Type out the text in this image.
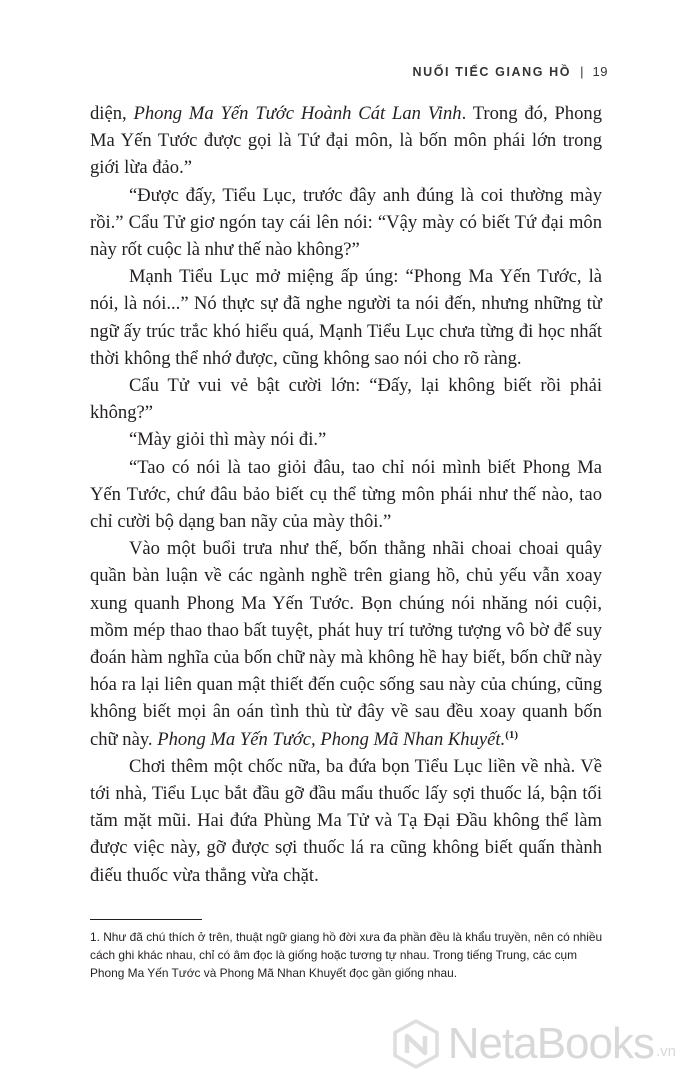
NUỐI TIẾC GIANG HỒ | 19

diện, Phong Ma Yến Tước Hoành Cát Lan Vinh. Trong đó, Phong Ma Yến Tước được gọi là Tứ đại môn, là bốn môn phái lớn trong giới lừa đảo.”

“Được đấy, Tiểu Lục, trước đây anh đúng là coi thường mày rồi.” Cẩu Tử giơ ngón tay cái lên nói: “Vậy mày có biết Tứ đại môn này rốt cuộc là như thế nào không?”

Mạnh Tiểu Lục mở miệng ấp úng: “Phong Ma Yến Tước, là nói, là nói...” Nó thực sự đã nghe người ta nói đến, nhưng những từ ngữ ấy trúc trắc khó hiểu quá, Mạnh Tiểu Lục chưa từng đi học nhất thời không thể nhớ được, cũng không sao nói cho rõ ràng.

Cẩu Tử vui vẻ bật cười lớn: “Đấy, lại không biết rồi phải không?”

“Mày giỏi thì mày nói đi.”

“Tao có nói là tao giỏi đâu, tao chỉ nói mình biết Phong Ma Yến Tước, chứ đâu bảo biết cụ thể từng môn phái như thế nào, tao chỉ cười bộ dạng ban nãy của mày thôi.”

Vào một buổi trưa như thế, bốn thằng nhãi choai choai quây quần bàn luận về các ngành nghề trên giang hồ, chủ yếu vẫn xoay xung quanh Phong Ma Yến Tước. Bọn chúng nói nhăng nói cuội, mồm mép thao thao bất tuyệt, phát huy trí tưởng tượng vô bờ để suy đoán hàm nghĩa của bốn chữ này mà không hề hay biết, bốn chữ này hóa ra lại liên quan mật thiết đến cuộc sống sau này của chúng, cũng không biết mọi ân oán tình thù từ đây về sau đều xoay quanh bốn chữ này. Phong Ma Yến Tước, Phong Mã Nhan Khuyết.$^{(1)}$

Chơi thêm một chốc nữa, ba đứa bọn Tiểu Lục liền về nhà. Về tới nhà, Tiểu Lục bắt đầu gỡ đầu mẩu thuốc lấy sợi thuốc lá, bận tối tăm mặt mũi. Hai đứa Phùng Ma Tử và Tạ Đại Đầu không thể làm được việc này, gỡ được sợi thuốc lá ra cũng không biết quấn thành điếu thuốc vừa thẳng vừa chặt.

1. Như đã chú thích ở trên, thuật ngữ giang hồ đời xưa đa phần đều là khẩu truyền, nên có nhiều cách ghi khác nhau, chỉ có âm đọc là giống hoặc tương tự nhau. Trong tiếng Trung, các cụm Phong Ma Yến Tước và Phong Mã Nhan Khuyết đọc gần giống nhau.

NetaBooks .vn
